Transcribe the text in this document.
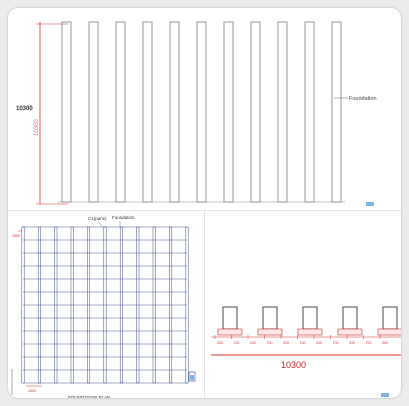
10300
10300
Foundation
C1(pans) Foundation
1500
1500
FOUNDATION PLAN
200	700	200	700	200	700	200	700	200	700	200
10300
